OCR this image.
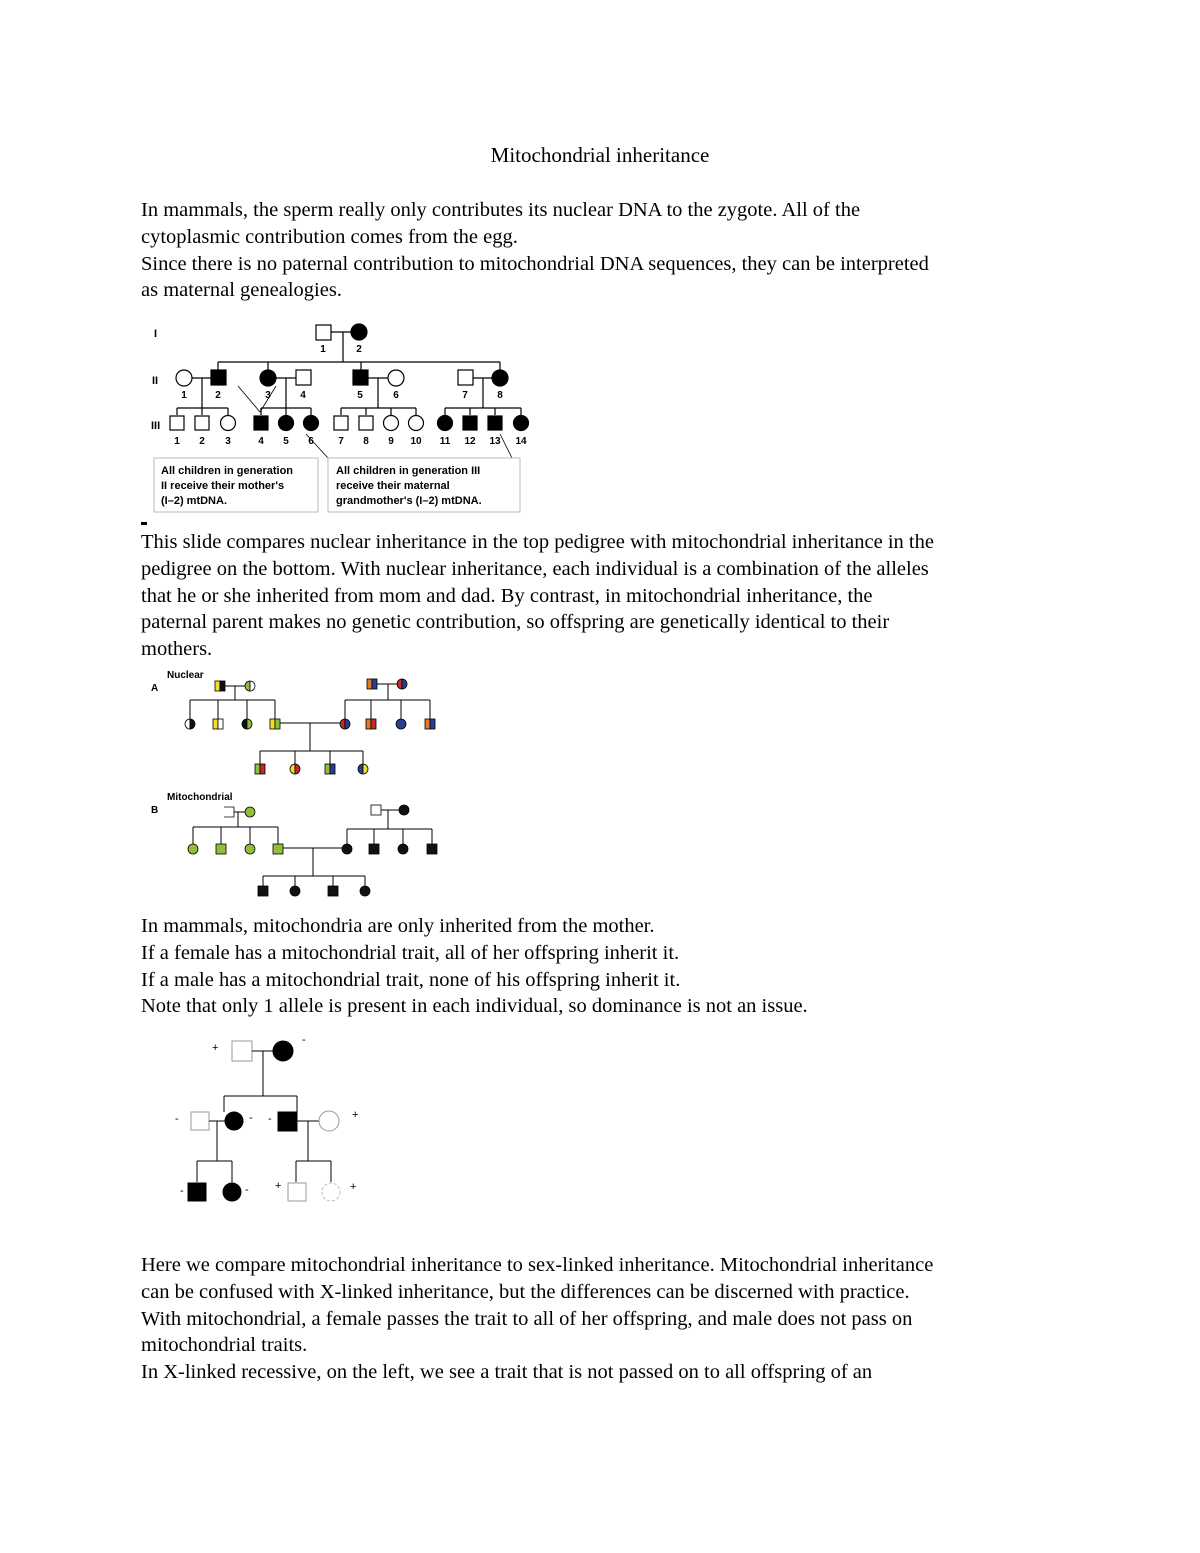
Mitochondrial inheritance
In mammals, the sperm really only contributes its nuclear DNA to the zygote. All of the
cytoplasmic contribution comes from the egg.
Since there is no paternal contribution to mitochondrial DNA sequences, they can be interpreted
as maternal genealogies.
I
II
III
1	2
1	2	3	4	5	6	7	8
1 2 3	4 5 6 7 8 9 10 11 12 13 14
All children in generation
II receive their mother's
(I–2) mtDNA.
All children in generation III
receive their maternal
grandmother's (I–2) mtDNA.
This slide compares nuclear inheritance in the top pedigree with mitochondrial inheritance in the
pedigree on the bottom. With nuclear inheritance, each individual is a combination of the alleles
that he or she inherited from mom and dad. By contrast, in mitochondrial inheritance, the
paternal parent makes no genetic contribution, so offspring are genetically identical to their
mothers.
A
Nuclear
B
Mitochondrial
In mammals, mitochondria are only inherited from the mother.
If a female has a mitochondrial trait, all of her offspring inherit it.
If a male has a mitochondrial trait, none of his offspring inherit it.
Note that only 1 allele is present in each individual, so dominance is not an issue.
+
-
-	- -	+
-	- +	+
Here we compare mitochondrial inheritance to sex-linked inheritance. Mitochondrial inheritance
can be confused with X-linked inheritance, but the differences can be discerned with practice.
With mitochondrial, a female passes the trait to all of her offspring, and male does not pass on
mitochondrial traits.
In X-linked recessive, on the left, we see a trait that is not passed on to all offspring of an
